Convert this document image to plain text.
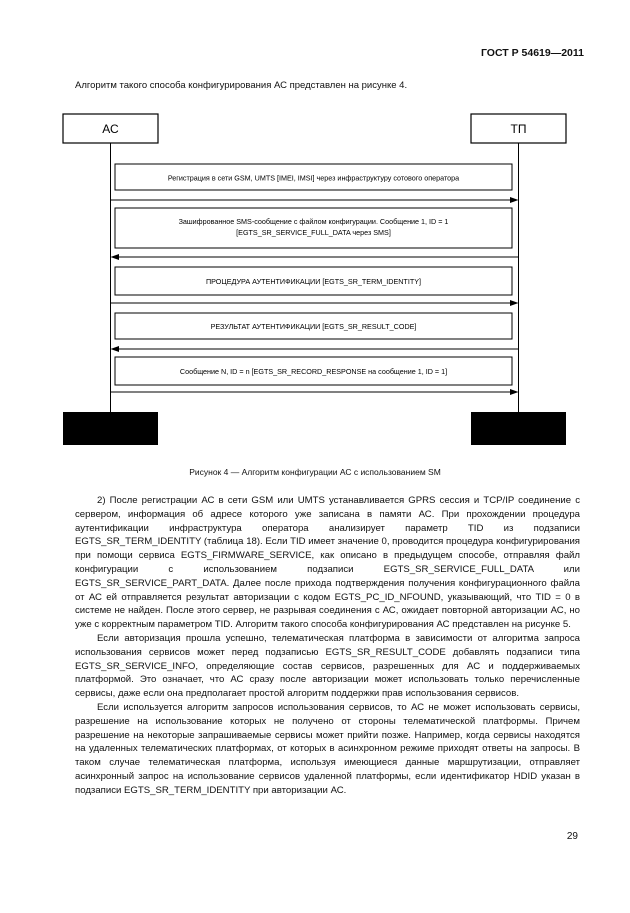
ГОСТ Р 54619—2011
Алгоритм такого способа конфигурирования АС представлен на рисунке 4.
АС	ТП
Регистрация в сети GSM, UMTS [IMEI, IMSI] через инфраструктуру сотового оператора
Зашифрованное SMS-сообщение с файлом конфигурации. Сообщение 1, ID = 1
[EGTS_SR_SERVICE_FULL_DATA через SMS]
ПРОЦЕДУРА АУТЕНТИФИКАЦИИ [EGTS_SR_TERM_IDENTITY]
РЕЗУЛЬТАТ АУТЕНТИФИКАЦИИ [EGTS_SR_RESULT_CODE]
Сообщение N, ID = n [EGTS_SR_RECORD_RESPONSE на сообщение 1, ID = 1]
Рисунок 4 — Алгоритм конфигурации АС с использованием SM

2) После регистрации АС в сети GSM или UMTS устанавливается GPRS сессия и TCP/IP соединение с сервером, информация об адресе которого уже записана в памяти АС. При прохождении процедура аутентификации инфраструктура оператора анализирует параметр TID из подзаписи EGTS_SR_TERM_IDENTITY (таблица 18). Если TID имеет значение 0, проводится процедура конфигурирования при помощи сервиса EGTS_FIRMWARE_SERVICE, как описано в предыдущем способе, отправляя файл конфигурации с использованием подзаписи EGTS_SR_SERVICE_FULL_DATA или EGTS_SR_SERVICE_PART_DATA. Далее после прихода подтверждения получения конфигурационного файла от АС ей отправляется результат авторизации с кодом EGTS_PC_ID_NFOUND, указывающий, что TID = 0 в системе не найден. После этого сервер, не разрывая соединения с АС, ожидает повторной авторизации АС, но уже с корректным параметром TID. Алгоритм такого способа конфигурирования АС представлен на рисунке 5.

Если авторизация прошла успешно, телематическая платформа в зависимости от алгоритма запроса использования сервисов может перед подзаписью EGTS_SR_RESULT_CODE добавлять подзаписи типа EGTS_SR_SERVICE_INFO, определяющие состав сервисов, разрешенных для АС и поддерживаемых платформой. Это означает, что АС сразу после авторизации может использовать только перечисленные сервисы, даже если она предполагает простой алгоритм поддержки прав использования сервисов.

Если используется алгоритм запросов использования сервисов, то АС не может использовать сервисы, разрешение на использование которых не получено от стороны телематической платформы. Причем разрешение на некоторые запрашиваемые сервисы может прийти позже. Например, когда сервисы находятся на удаленных телематических платформах, от которых в асинхронном режиме приходят ответы на запросы. В таком случае телематическая платформа, используя имеющиеся данные маршрутизации, отправляет асинхронный запрос на использование сервисов удаленной платформы, если идентификатор HDID указан в подзаписи EGTS_SR_TERM_IDENTITY при авторизации АС.

29
